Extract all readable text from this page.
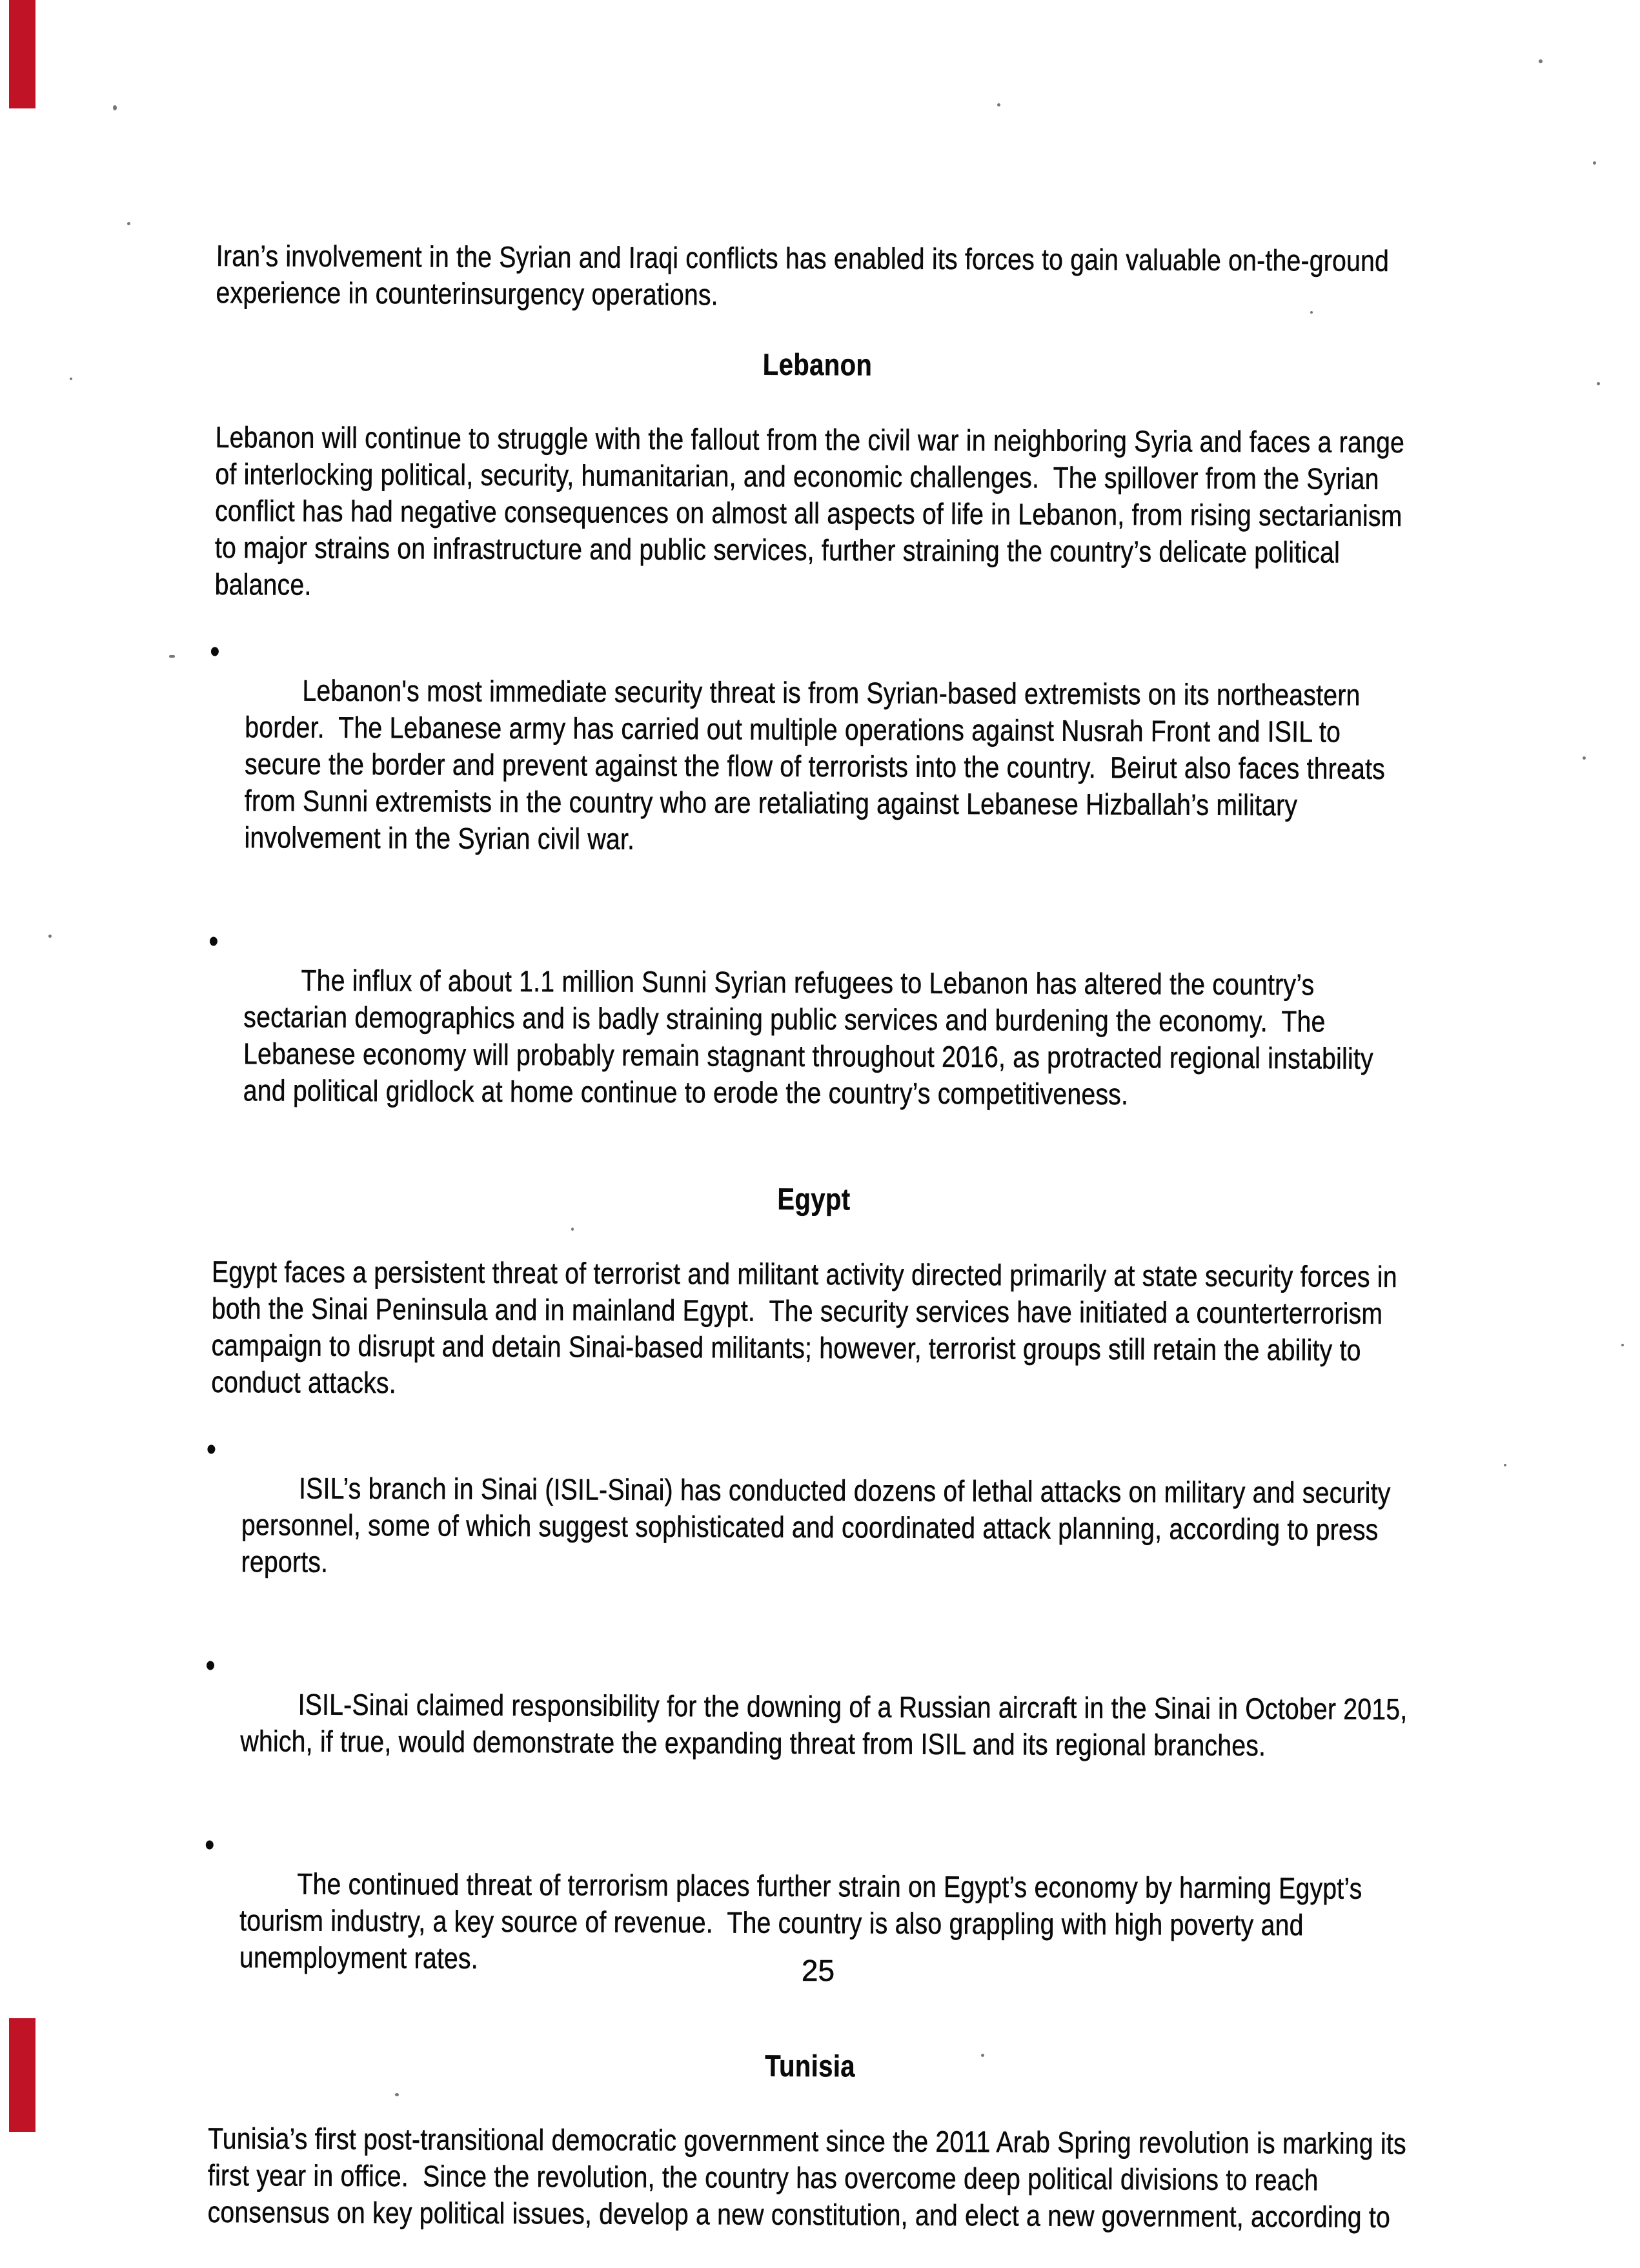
Iran’s involvement in the Syrian and Iraqi conflicts has enabled its forces to gain valuable on-the-ground experience in counterinsurgency operations.

Lebanon

Lebanon will continue to struggle with the fallout from the civil war in neighboring Syria and faces a range of interlocking political, security, humanitarian, and economic challenges.  The spillover from the Syrian conflict has had negative consequences on almost all aspects of life in Lebanon, from rising sectarianism to major strains on infrastructure and public services, further straining the country’s delicate political balance.

•
Lebanon's most immediate security threat is from Syrian-based extremists on its northeastern border.  The Lebanese army has carried out multiple operations against Nusrah Front and ISIL to secure the border and prevent against the flow of terrorists into the country.  Beirut also faces threats from Sunni extremists in the country who are retaliating against Lebanese Hizballah’s military involvement in the Syrian civil war.

•
The influx of about 1.1 million Sunni Syrian refugees to Lebanon has altered the country’s sectarian demographics and is badly straining public services and burdening the economy.  The Lebanese economy will probably remain stagnant throughout 2016, as protracted regional instability and political gridlock at home continue to erode the country’s competitiveness.

Egypt

Egypt faces a persistent threat of terrorist and militant activity directed primarily at state security forces in both the Sinai Peninsula and in mainland Egypt.  The security services have initiated a counterterrorism campaign to disrupt and detain Sinai-based militants; however, terrorist groups still retain the ability to conduct attacks.

•
ISIL’s branch in Sinai (ISIL-Sinai) has conducted dozens of lethal attacks on military and security personnel, some of which suggest sophisticated and coordinated attack planning, according to press reports.

•
ISIL-Sinai claimed responsibility for the downing of a Russian aircraft in the Sinai in October 2015, which, if true, would demonstrate the expanding threat from ISIL and its regional branches.

•
The continued threat of terrorism places further strain on Egypt’s economy by harming Egypt’s tourism industry, a key source of revenue.  The country is also grappling with high poverty and unemployment rates.

Tunisia

Tunisia’s first post-transitional democratic government since the 2011 Arab Spring revolution is marking its first year in office.  Since the revolution, the country has overcome deep political divisions to reach consensus on key political issues, develop a new constitution, and elect a new government, according to

25
